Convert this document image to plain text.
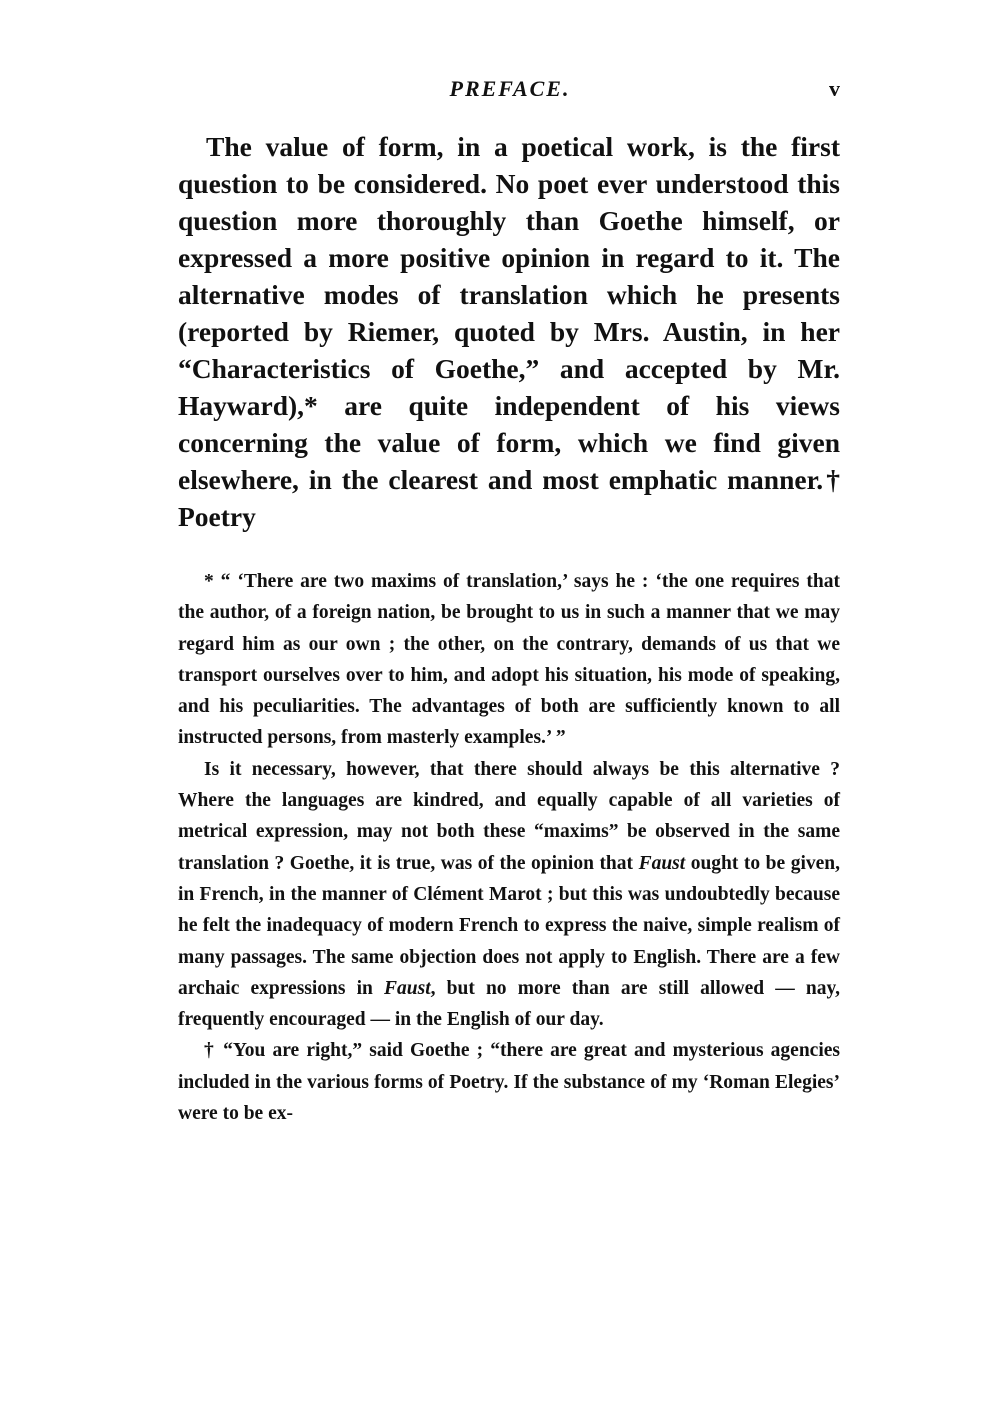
PREFACE.	v

The value of form, in a poetical work, is the first question to be considered. No poet ever understood this question more thoroughly than Goethe himself, or expressed a more positive opinion in regard to it. The alternative modes of translation which he presents (reported by Riemer, quoted by Mrs. Austin, in her “Characteristics of Goethe,” and accepted by Mr. Hayward),* are quite independent of his views concerning the value of form, which we find given elsewhere, in the clearest and most emphatic manner.† Poetry

* “ ‘There are two maxims of translation,’ says he : ‘the one requires that the author, of a foreign nation, be brought to us in such a manner that we may regard him as our own ; the other, on the contrary, demands of us that we transport ourselves over to him, and adopt his situation, his mode of speaking, and his peculiarities. The advantages of both are sufficiently known to all instructed persons, from masterly examples.’ ”

Is it necessary, however, that there should always be this alternative ? Where the languages are kindred, and equally capable of all varieties of metrical expression, may not both these “maxims” be observed in the same translation ? Goethe, it is true, was of the opinion that Faust ought to be given, in French, in the manner of Clément Marot ; but this was undoubtedly because he felt the inadequacy of modern French to express the naive, simple realism of many passages. The same objection does not apply to English. There are a few archaic expressions in Faust, but no more than are still allowed — nay, frequently encouraged — in the English of our day.

† “You are right,” said Goethe ; “there are great and mysterious agencies included in the various forms of Poetry. If the substance of my ‘Roman Elegies’ were to be ex-
